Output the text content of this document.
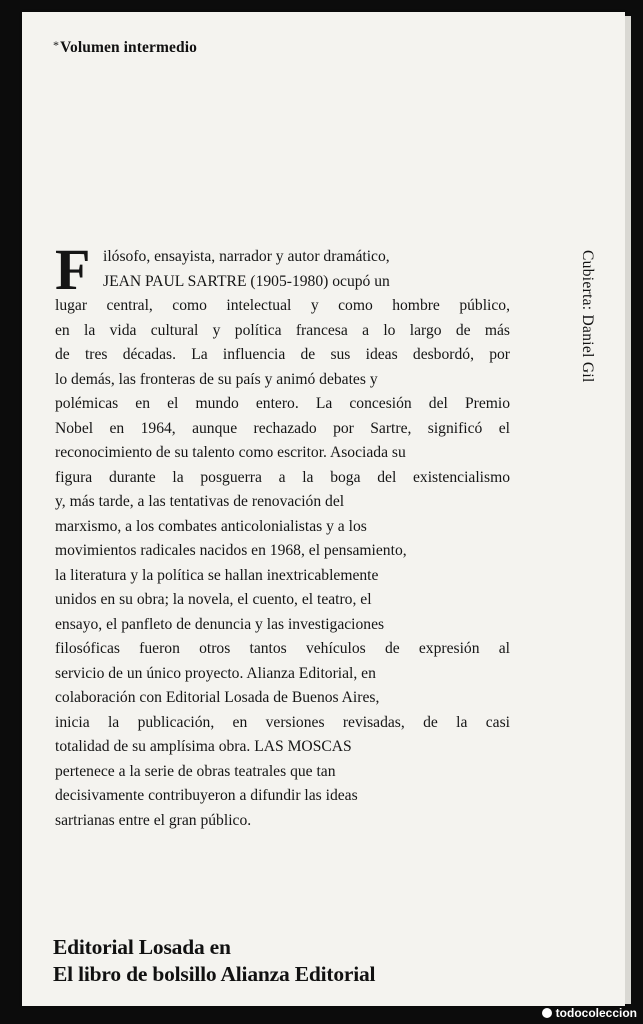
*Volumen intermedio
Cubierta: Daniel Gil
F ilósofo, ensayista, narrador y autor dramático,
JEAN PAUL SARTRE (1905-1980) ocupó un
lugar central, como intelectual y como hombre público,
en la vida cultural y política francesa a lo largo de más
de tres décadas. La influencia de sus ideas desbordó, por
lo demás, las fronteras de su país y animó debates y
polémicas en el mundo entero. La concesión del Premio
Nobel en 1964, aunque rechazado por Sartre, significó el
reconocimiento de su talento como escritor. Asociada su
figura durante la posguerra a la boga del existencialismo
y, más tarde, a las tentativas de renovación del
marxismo, a los combates anticolonialistas y a los
movimientos radicales nacidos en 1968, el pensamiento,
la literatura y la política se hallan inextricablemente
unidos en su obra; la novela, el cuento, el teatro, el
ensayo, el panfleto de denuncia y las investigaciones
filosóficas fueron otros tantos vehículos de expresión al
servicio de un único proyecto. Alianza Editorial, en
colaboración con Editorial Losada de Buenos Aires,
inicia la publicación, en versiones revisadas, de la casi
totalidad de su amplísima obra. LAS MOSCAS
pertenece a la serie de obras teatrales que tan
decisivamente contribuyeron a difundir las ideas
sartrianas entre el gran público.
Editorial Losada en
El libro de bolsillo Alianza Editorial
todocoleccion
